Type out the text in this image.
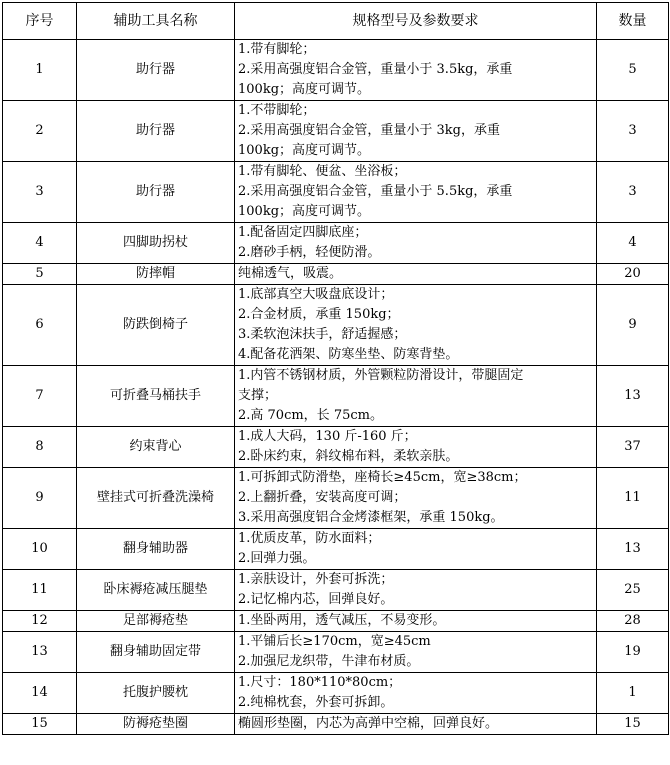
序号	辅助工具名称	规格型号及参数要求	数量
1	助行器	1.带有脚轮；
2.采用高强度铝合金管，重量小于 3.5kg，承重
100kg；高度可调节。	5
2	助行器	1.不带脚轮；
2.采用高强度铝合金管，重量小于 3kg，承重
100kg；高度可调节。	3
3	助行器	1.带有脚轮、便盆、坐浴板；
2.采用高强度铝合金管，重量小于 5.5kg，承重
100kg；高度可调节。	3
4	四脚助拐杖	1.配备固定四脚底座；
2.磨砂手柄，轻便防滑。	4
5	防摔帽	纯棉透气，吸震。	20
6	防跌倒椅子	1.底部真空大吸盘底设计；
2.合金材质，承重 150kg；
3.柔软泡沫扶手，舒适握感；
4.配备花洒架、防寒坐垫、防寒背垫。	9
7	可折叠马桶扶手	1.内管不锈钢材质，外管颗粒防滑设计，带腿固定
支撑；
2.高 70cm，长 75cm。	13
8	约束背心	1.成人大码，130 斤-160 斤；
2.卧床约束，斜纹棉布料，柔软亲肤。	37
9	壁挂式可折叠洗澡椅	1.可拆卸式防滑垫，座椅长≥45cm，宽≥38cm；
2.上翻折叠，安装高度可调；
3.采用高强度铝合金烤漆框架，承重 150kg。	11
10	翻身辅助器	1.优质皮革，防水面料；
2.回弹力强。	13
11	卧床褥疮减压腿垫	1.亲肤设计，外套可拆洗；
2.记忆棉内芯，回弹良好。	25
12	足部褥疮垫	1.坐卧两用，透气减压，不易变形。	28
13	翻身辅助固定带	1.平铺后长≥170cm，宽≥45cm
2.加强尼龙织带，牛津布材质。	19
14	托腹护腰枕	1.尺寸：180*110*80cm；
2.纯棉枕套，外套可拆卸。	1
15	防褥疮垫圈	椭圆形垫圈，内芯为高弹中空棉，回弹良好。	15
